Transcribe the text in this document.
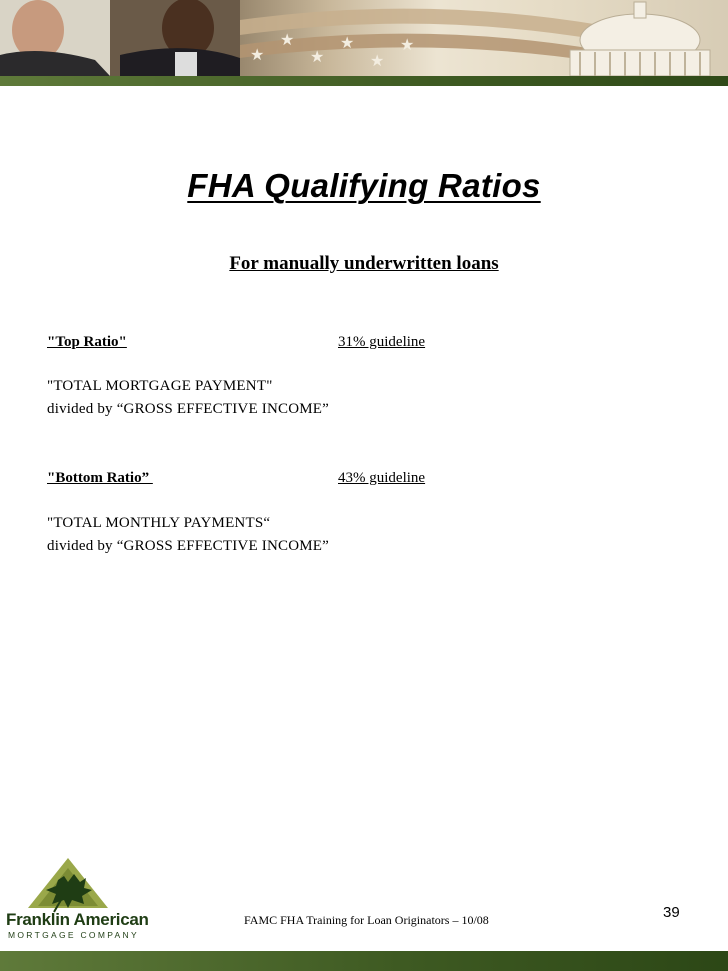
★
★
★
★
★
★
FHA Qualifying Ratios
For manually underwritten loans
"Top Ratio"	31% guideline
"TOTAL MORTGAGE PAYMENT"
divided by “GROSS EFFECTIVE INCOME”
"Bottom Ratio”	43% guideline
"TOTAL MONTHLY PAYMENTS“
divided by “GROSS EFFECTIVE INCOME”
Franklin American
MORTGAGE COMPANY
FAMC FHA Training for Loan Originators – 10/08	39
